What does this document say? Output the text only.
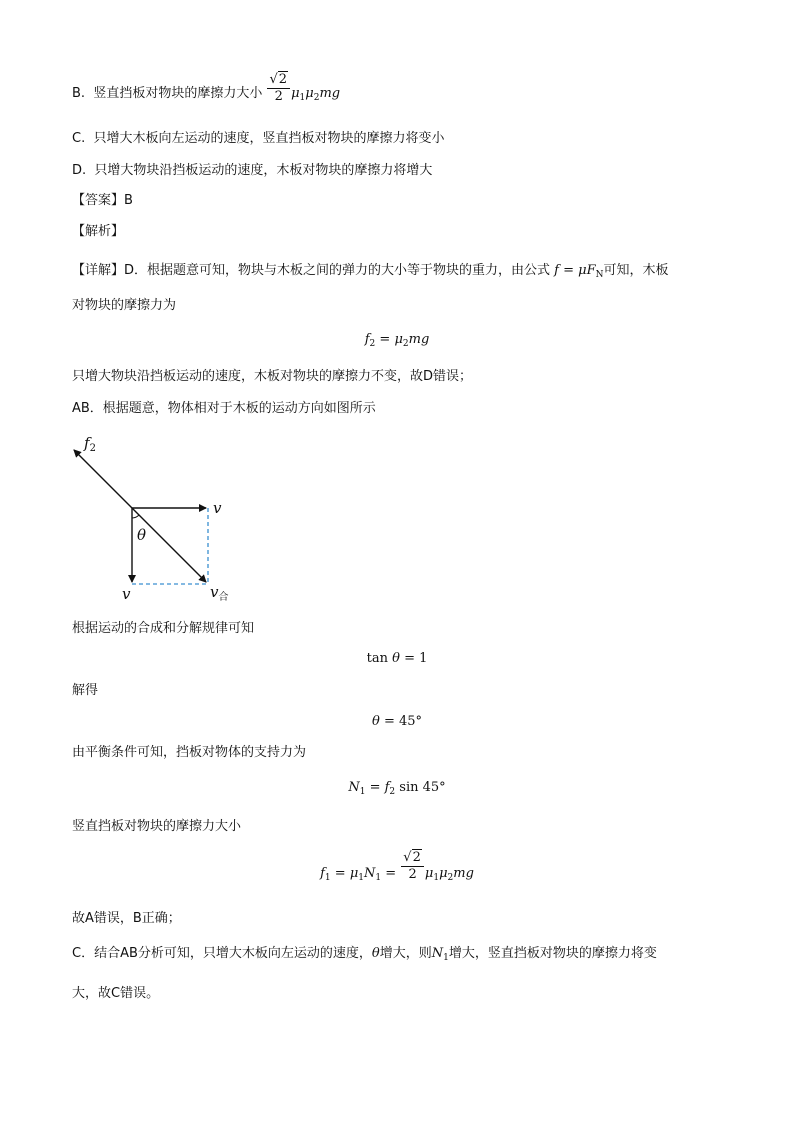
B. 竖直挡板对物块的摩擦力大小 $\frac{√2}{2} \mu_1\mu_2mg$
C. 只增大木板向左运动的速度，竖直挡板对物块的摩擦力将变小
D. 只增大物块沿挡板运动的速度，木板对物块的摩擦力将增大
【答案】B
【解析】
【详解】D．根据题意可知，物块与木板之间的弹力的大小等于物块的重力，由公式 $f = \mu F_N$可知，木板
对物块的摩擦力为
$f_2 = \mu_2mg$
只增大物块沿挡板运动的速度，木板对物块的摩擦力不变，故D错误；
AB．根据题意，物体相对于木板的运动方向如图所示
$f_2$
v
θ
v	$v_合$
根据运动的合成和分解规律可知
tan θ = 1
解得
θ = 45°
由平衡条件可知，挡板对物体的支持力为
$N_1 = f_2$ sin 45°
竖直挡板对物块的摩擦力大小
$f_1 = \mu_1N_1 = \frac{√2}{2} \mu_1\mu_2mg$
故A错误，B正确；
C．结合AB分析可知，只增大木板向左运动的速度，θ增大，则$N_1$增大，竖直挡板对物块的摩擦力将变
大，故C错误。
